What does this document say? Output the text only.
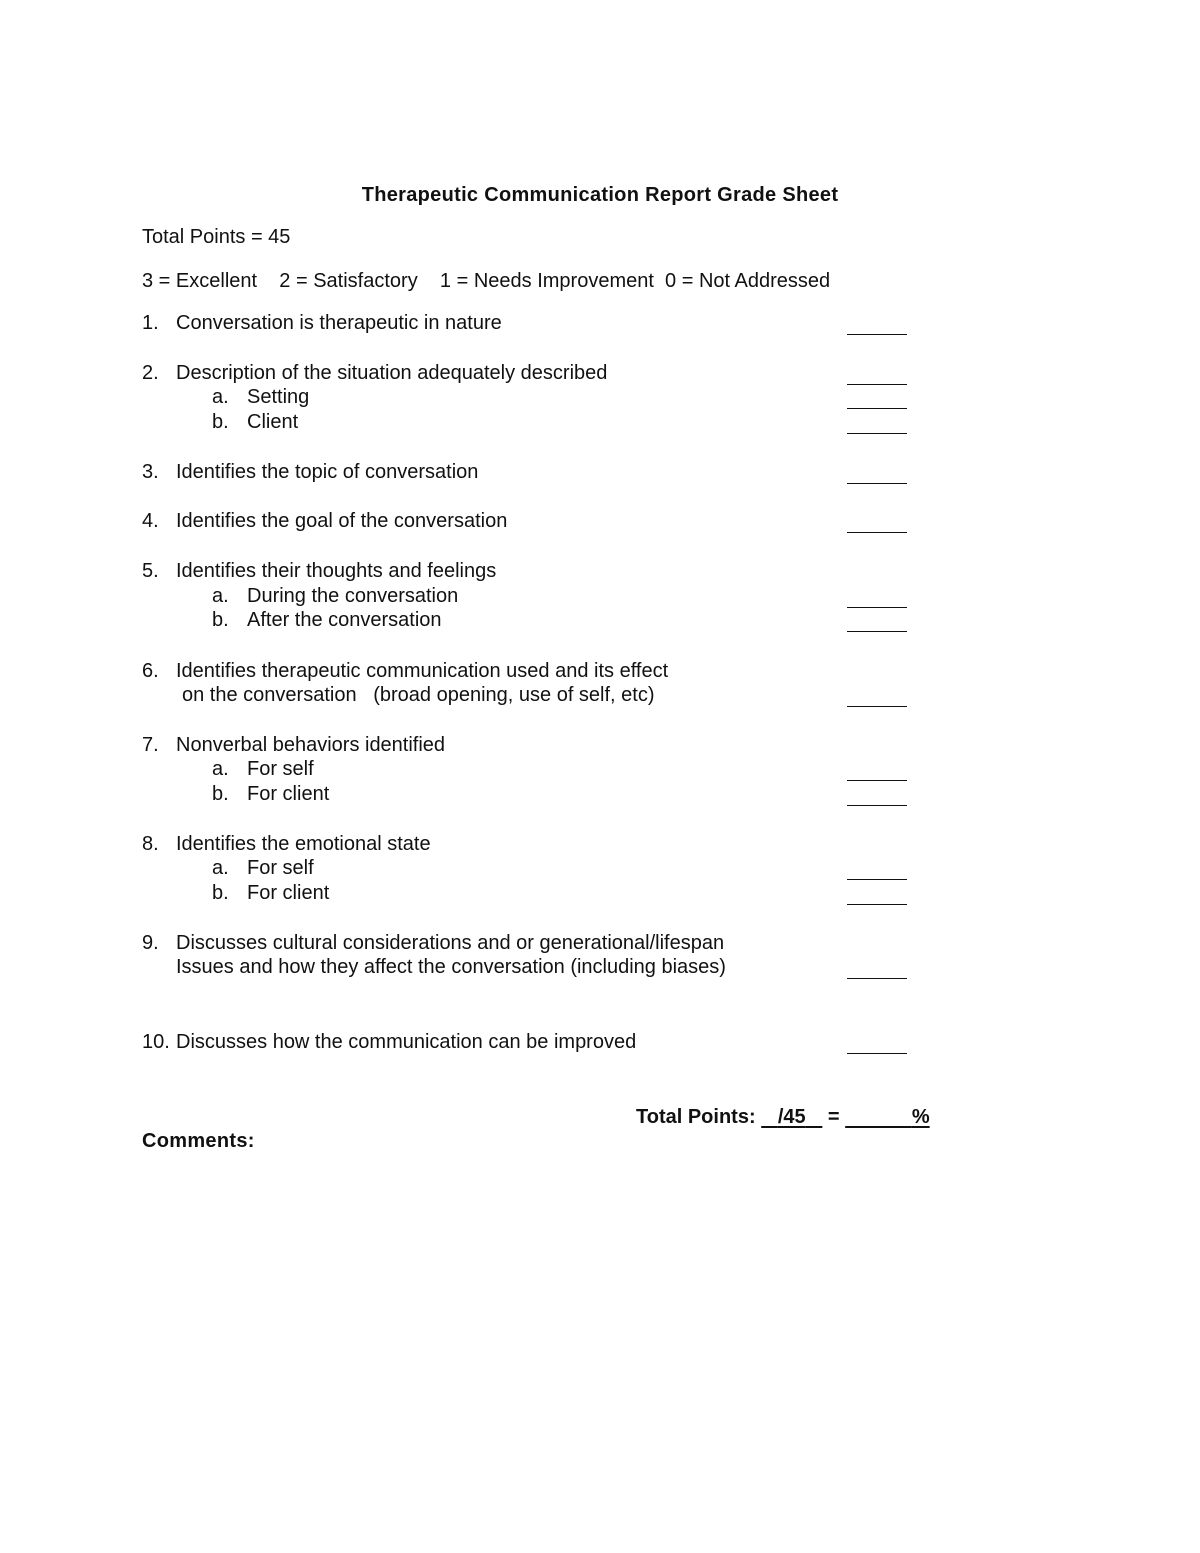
Therapeutic Communication Report Grade Sheet
Total Points = 45
3 = Excellent    2 = Satisfactory    1 = Needs Improvement  0 = Not Addressed
1. Conversation is therapeutic in nature
2. Description of the situation adequately described
a. Setting
b. Client
3. Identifies the topic of conversation
4. Identifies the goal of the conversation
5. Identifies their thoughts and feelings
a. During the conversation
b. After the conversation
6. Identifies therapeutic communication used and its effect
on the conversation   (broad opening, use of self, etc)
7. Nonverbal behaviors identified
a. For self
b. For client
8. Identifies the emotional state
a. For self
b. For client
9. Discusses cultural considerations and or generational/lifespan
Issues and how they affect the conversation (including biases)
10. Discusses how the communication can be improved
Total Points: /45 =	%
Comments:
